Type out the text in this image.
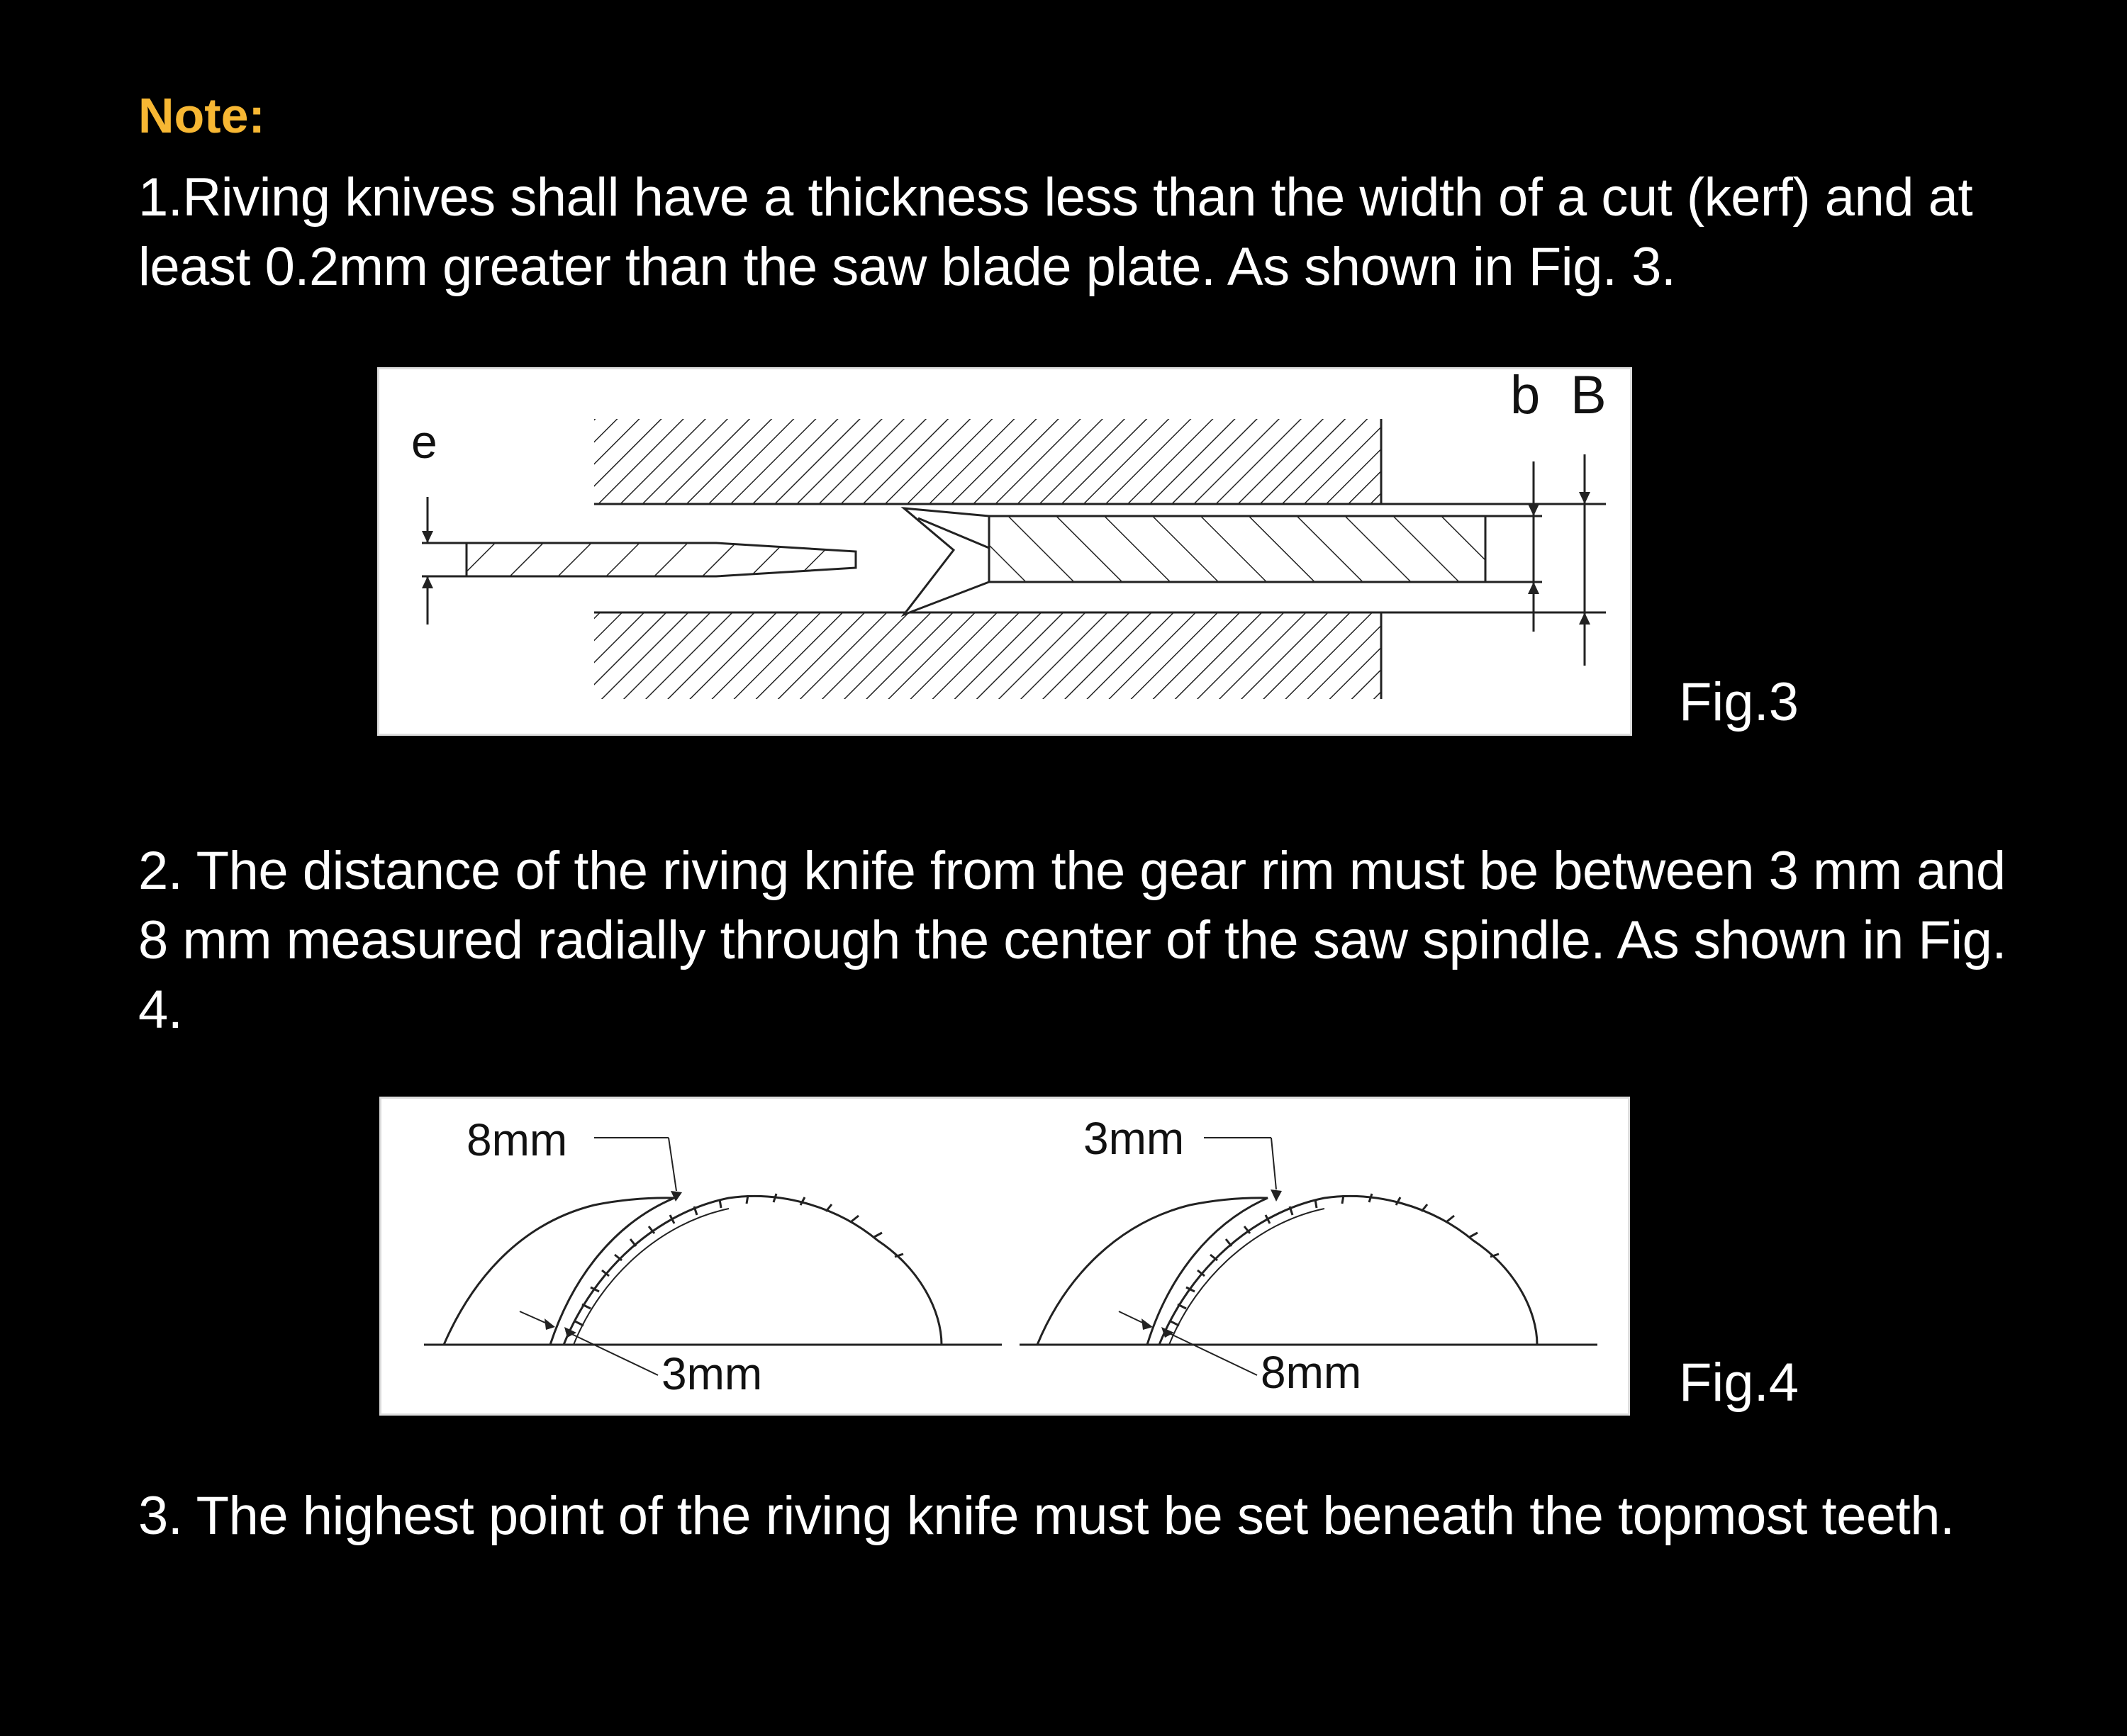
Note:

1.Riving knives shall have a thickness less than the width of a cut (kerf) and at least 0.2mm greater than the saw blade plate. As shown in Fig. 3.

e
b B

Fig.3

2. The distance of the riving knife from the gear rim must be between 3 mm and 8 mm measured radially through the center of the saw spindle. As shown in Fig. 4.

8mm
3mm
3mm
8mm	Fig.4

3. The highest point of the riving knife must be set beneath the topmost teeth.
